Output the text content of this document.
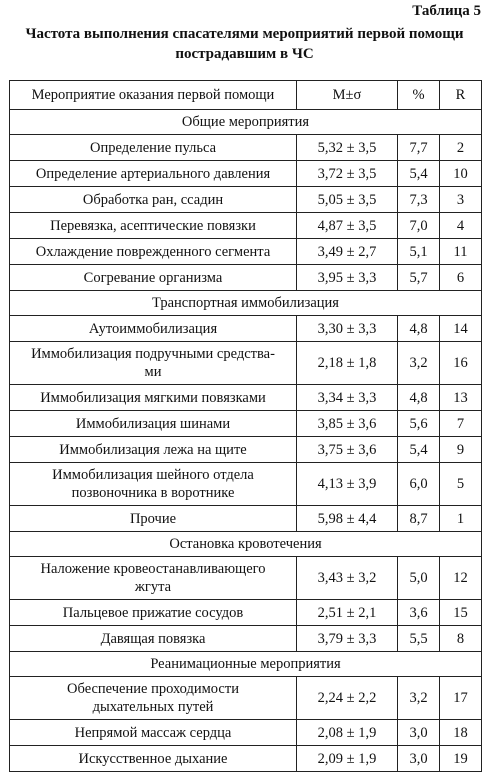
Таблица 5
Частота выполнения спасателями мероприятий первой помощи
пострадавшим в ЧС
Мероприятие оказания первой помощи	M±σ	%	R
Общие мероприятия			
Определение пульса	5,32 ± 3,5	7,7	2
Определение артериального давления	3,72 ± 3,5	5,4	10
Обработка ран, ссадин	5,05 ± 3,5	7,3	3
Перевязка, асептические повязки	4,87 ± 3,5	7,0	4
Охлаждение поврежденного сегмента	3,49 ± 2,7	5,1	11
Согревание организма	3,95 ± 3,3	5,7	6
Транспортная иммобилизация			
Аутоиммобилизация	3,30 ± 3,3	4,8	14

Иммобилизация подручными средства-
ми	2,18 ± 1,8	3,2	16
Иммобилизация мягкими повязками	3,34 ± 3,3	4,8	13
Иммобилизация шинами	3,85 ± 3,6	5,6	7
Иммобилизация лежа на щите	3,75 ± 3,6	5,4	9

Иммобилизация шейного отдела
позвоночника в воротнике	4,13 ± 3,9	6,0	5
Прочие	5,98 ± 4,4	8,7	1
Остановка кровотечения			

Наложение кровеостанавливающего
жгута	3,43 ± 3,2	5,0	12
Пальцевое прижатие сосудов	2,51 ± 2,1	3,6	15
Давящая повязка	3,79 ± 3,3	5,5	8
Реанимационные мероприятия			

Обеспечение проходимости
дыхательных путей	2,24 ± 2,2	3,2	17
Непрямой массаж сердца	2,08 ± 1,9	3,0	18
Искусственное дыхание	2,09 ± 1,9	3,0	19
